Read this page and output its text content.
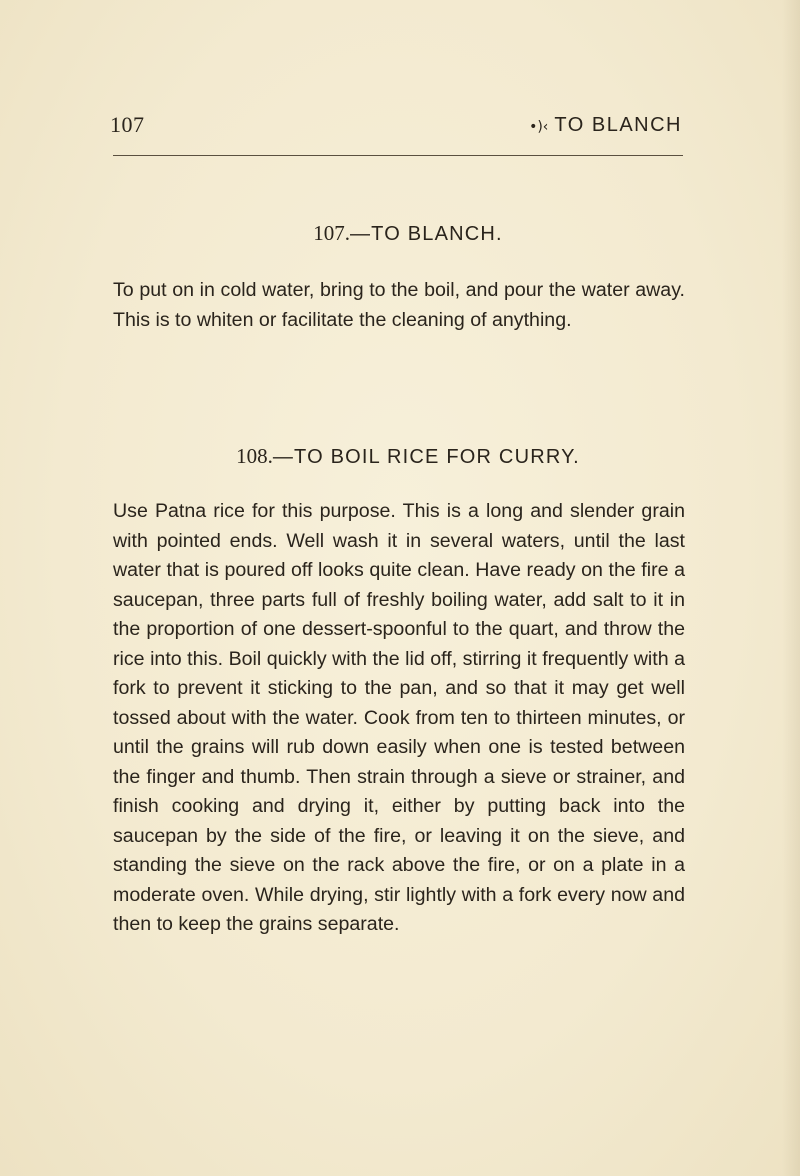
107	•)‹ TO BLANCH
107.—TO BLANCH.

To put on in cold water, bring to the boil, and pour the water away. This is to whiten or facilitate the cleaning of anything.

108.—TO BOIL RICE FOR CURRY.

Use Patna rice for this purpose. This is a long and slender grain with pointed ends. Well wash it in several waters, until the last water that is poured off looks quite clean. Have ready on the fire a saucepan, three parts full of freshly boiling water, add salt to it in the proportion of one dessert-spoonful to the quart, and throw the rice into this. Boil quickly with the lid off, stirring it frequently with a fork to prevent it sticking to the pan, and so that it may get well tossed about with the water. Cook from ten to thirteen minutes, or until the grains will rub down easily when one is tested between the finger and thumb. Then strain through a sieve or strainer, and finish cooking and drying it, either by putting back into the saucepan by the side of the fire, or leaving it on the sieve, and standing the sieve on the rack above the fire, or on a plate in a moderate oven. While drying, stir lightly with a fork every now and then to keep the grains separate.
